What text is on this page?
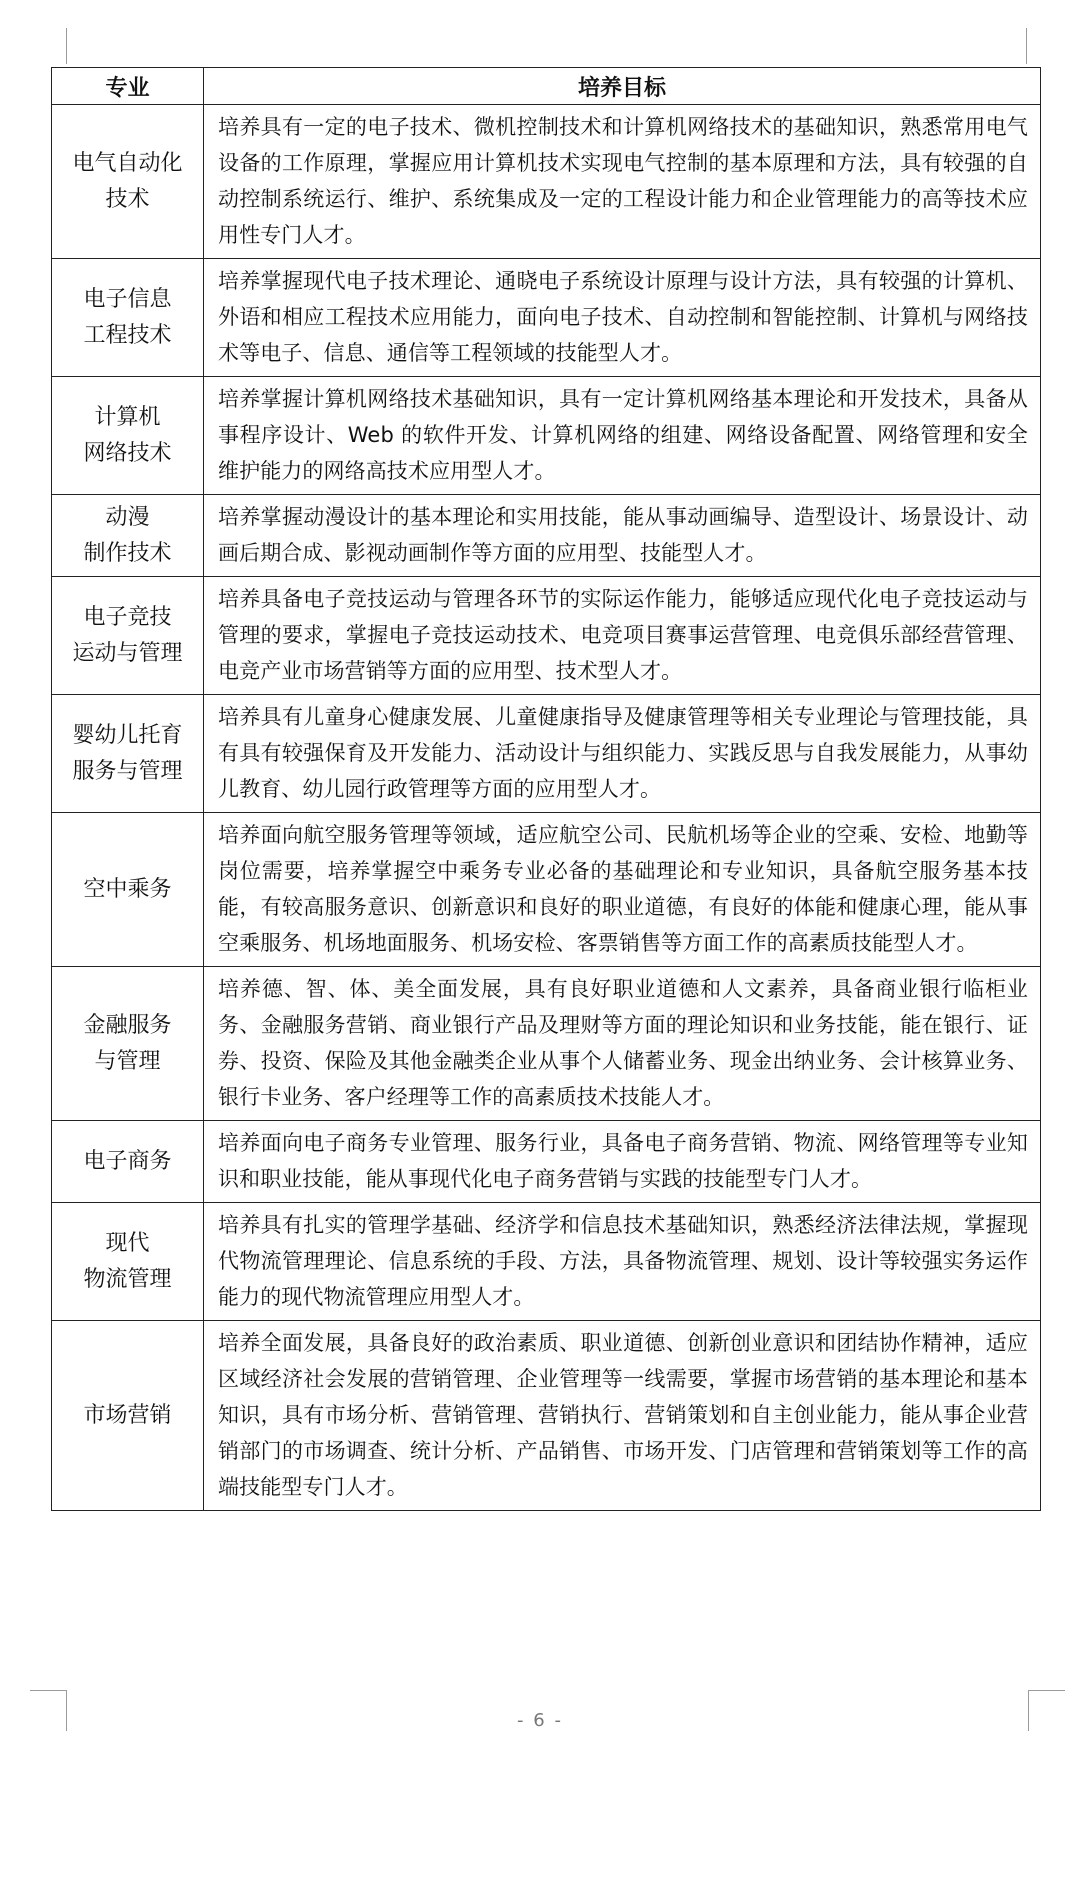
专业	培养目标
电气自动化
技术	培养具有一定的电子技术、微机控制技术和计算机网络技术的基础知识，熟悉常用电气设备的工作原理，掌握应用计算机技术实现电气控制的基本原理和方法，具有较强的自动控制系统运行、维护、系统集成及一定的工程设计能力和企业管理能力的高等技术应用性专门人才。
电子信息
工程技术	培养掌握现代电子技术理论、通晓电子系统设计原理与设计方法，具有较强的计算机、外语和相应工程技术应用能力，面向电子技术、自动控制和智能控制、计算机与网络技术等电子、信息、通信等工程领域的技能型人才。
计算机
网络技术	培养掌握计算机网络技术基础知识，具有一定计算机网络基本理论和开发技术，具备从事程序设计、Web 的软件开发、计算机网络的组建、网络设备配置、网络管理和安全维护能力的网络高技术应用型人才。
动漫
制作技术	培养掌握动漫设计的基本理论和实用技能，能从事动画编导、造型设计、场景设计、动画后期合成、影视动画制作等方面的应用型、技能型人才。
电子竞技
运动与管理	培养具备电子竞技运动与管理各环节的实际运作能力，能够适应现代化电子竞技运动与管理的要求，掌握电子竞技运动技术、电竞项目赛事运营管理、电竞俱乐部经营管理、电竞产业市场营销等方面的应用型、技术型人才。
婴幼儿托育
服务与管理	培养具有儿童身心健康发展、儿童健康指导及健康管理等相关专业理论与管理技能，具有具有较强保育及开发能力、活动设计与组织能力、实践反思与自我发展能力，从事幼儿教育、幼儿园行政管理等方面的应用型人才。
空中乘务	培养面向航空服务管理等领域，适应航空公司、民航机场等企业的空乘、安检、地勤等岗位需要，培养掌握空中乘务专业必备的基础理论和专业知识，具备航空服务基本技能，有较高服务意识、创新意识和良好的职业道德，有良好的体能和健康心理，能从事空乘服务、机场地面服务、机场安检、客票销售等方面工作的高素质技能型人才。
金融服务
与管理	培养德、智、体、美全面发展，具有良好职业道德和人文素养，具备商业银行临柜业务、金融服务营销、商业银行产品及理财等方面的理论知识和业务技能，能在银行、证券、投资、保险及其他金融类企业从事个人储蓄业务、现金出纳业务、会计核算业务、银行卡业务、客户经理等工作的高素质技术技能人才。
电子商务	培养面向电子商务专业管理、服务行业，具备电子商务营销、物流、网络管理等专业知识和职业技能，能从事现代化电子商务营销与实践的技能型专门人才。
现代
物流管理	培养具有扎实的管理学基础、经济学和信息技术基础知识，熟悉经济法律法规，掌握现代物流管理理论、信息系统的手段、方法，具备物流管理、规划、设计等较强实务运作能力的现代物流管理应用型人才。
市场营销	培养全面发展，具备良好的政治素质、职业道德、创新创业意识和团结协作精神，适应区域经济社会发展的营销管理、企业管理等一线需要，掌握市场营销的基本理论和基本知识，具有市场分析、营销管理、营销执行、营销策划和自主创业能力，能从事企业营销部门的市场调查、统计分析、产品销售、市场开发、门店管理和营销策划等工作的高端技能型专门人才。
- 6 -
